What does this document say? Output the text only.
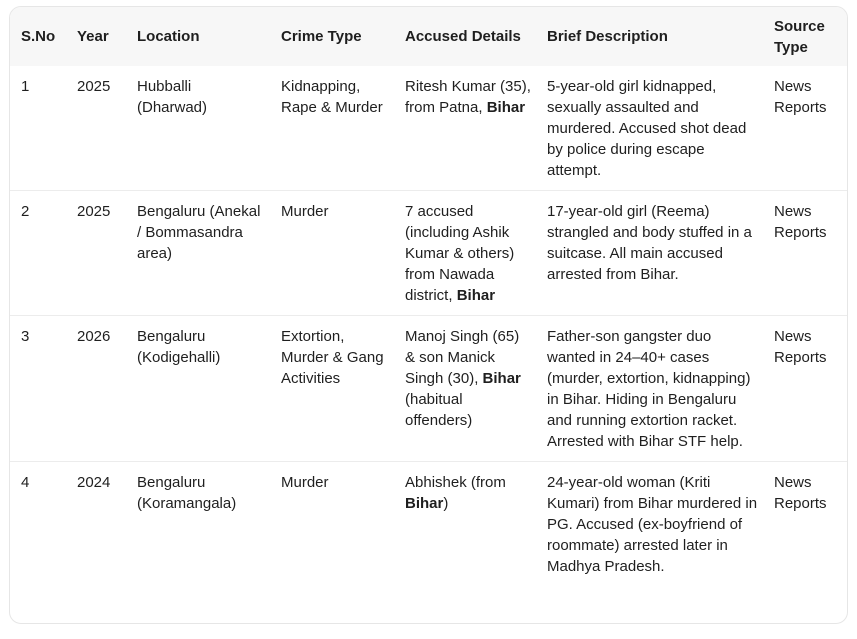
S.No	Year	Location	Crime Type	Accused Details	Brief Description	Source Type
1	2025	Hubballi (Dharwad)	Kidnapping, Rape & Murder	Ritesh Kumar (35), from Patna, Bihar	5-year-old girl kidnapped, sexually assaulted and murdered. Accused shot dead by police during escape attempt.	News Reports
2	2025	Bengaluru (Anekal / Bommasandra area)	Murder	7 accused (including Ashik Kumar & others) from Nawada district, Bihar	17-year-old girl (Reema) strangled and body stuffed in a suitcase. All main accused arrested from Bihar.	News Reports
3	2026	Bengaluru (Kodigehalli)	Extortion, Murder & Gang Activities	Manoj Singh (65) & son Manick Singh (30), Bihar (habitual offenders)	Father-son gangster duo wanted in 24–40+ cases (murder, extortion, kidnapping) in Bihar. Hiding in Bengaluru and running extortion racket. Arrested with Bihar STF help.	News Reports
4	2024	Bengaluru (Koramangala)	Murder	Abhishek (from Bihar)	24-year-old woman (Kriti Kumari) from Bihar murdered in PG. Accused (ex-boyfriend of roommate) arrested later in Madhya Pradesh.	News Reports
